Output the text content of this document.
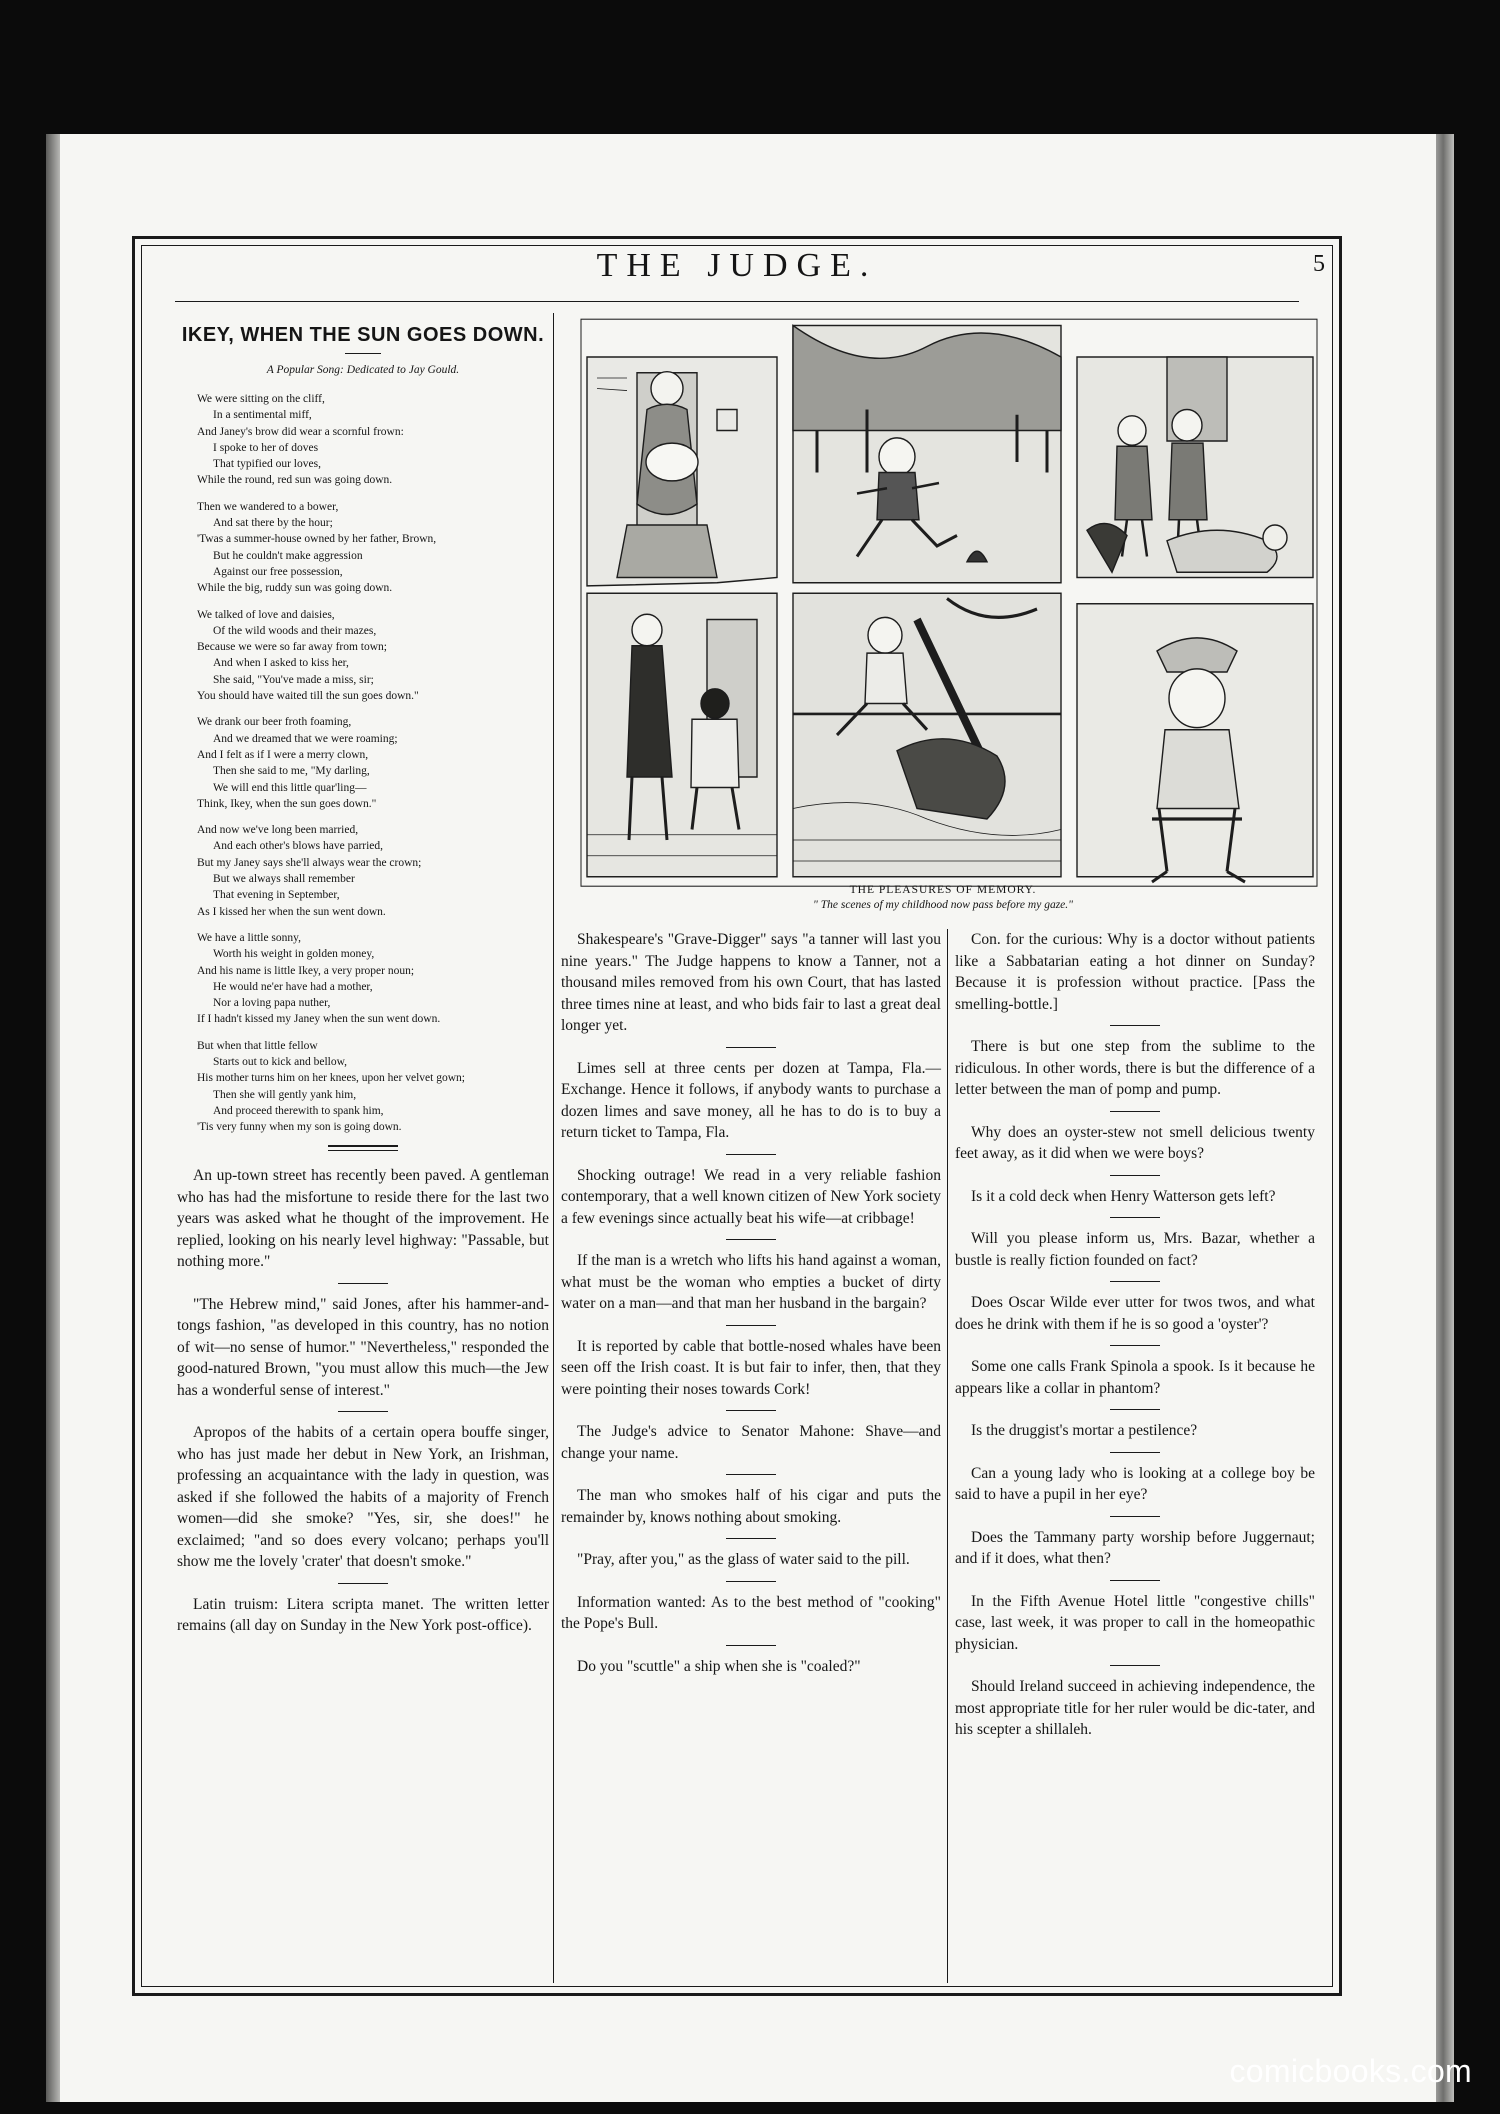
THE JUDGE.	5
IKEY, WHEN THE SUN GOES DOWN.
A Popular Song: Dedicated to Jay Gould.
We were sitting on the cliff,
In a sentimental miff,
And Janey's brow did wear a scornful frown:
I spoke to her of doves
That typified our loves,
While the round, red sun was going down.
Then we wandered to a bower,
And sat there by the hour;
'Twas a summer-house owned by her father, Brown,
But he couldn't make aggression
Against our free possession,
While the big, ruddy sun was going down.
We talked of love and daisies,
Of the wild woods and their mazes,
Because we were so far away from town;
And when I asked to kiss her,
She said, "You've made a miss, sir;
You should have waited till the sun goes down."
We drank our beer froth foaming,
And we dreamed that we were roaming;
And I felt as if I were a merry clown,
Then she said to me, "My darling,
We will end this little quar'ling—
Think, Ikey, when the sun goes down."
And now we've long been married,
And each other's blows have parried,
But my Janey says she'll always wear the crown;
But we always shall remember
That evening in September,
As I kissed her when the sun went down.
We have a little sonny,
Worth his weight in golden money,
And his name is little Ikey, a very proper noun;
He would ne'er have had a mother,
Nor a loving papa nuther,
If I hadn't kissed my Janey when the sun went down.
But when that little fellow
Starts out to kick and bellow,
His mother turns him on her knees, upon her velvet gown;
Then she will gently yank him,
And proceed therewith to spank him,
'Tis very funny when my son is going down.

An up-town street has recently been paved. A gentleman who has had the misfortune to reside there for the last two years was asked what he thought of the improvement. He replied, looking on his nearly level highway: "Passable, but nothing more."

"The Hebrew mind," said Jones, after his hammer-and-tongs fashion, "as developed in this country, has no notion of wit—no sense of humor." "Nevertheless," responded the good-natured Brown, "you must allow this much—the Jew has a wonderful sense of interest."

Apropos of the habits of a certain opera bouffe singer, who has just made her debut in New York, an Irishman, professing an acquaintance with the lady in question, was asked if she followed the habits of a majority of French women—did she smoke? "Yes, sir, she does!" he exclaimed; "and so does every volcano; perhaps you'll show me the lovely 'crater' that doesn't smoke."

Latin truism: Litera scripta manet. The written letter remains (all day on Sunday in the New York post-office).

THE PLEASURES OF MEMORY.
" The scenes of my childhood now pass before my gaze."

Shakespeare's "Grave-Digger" says "a tanner will last you nine years." The Judge happens to know a Tanner, not a thousand miles removed from his own Court, that has lasted three times nine at least, and who bids fair to last a great deal longer yet.

Limes sell at three cents per dozen at Tampa, Fla.—Exchange. Hence it follows, if anybody wants to purchase a dozen limes and save money, all he has to do is to buy a return ticket to Tampa, Fla.

Shocking outrage! We read in a very reliable fashion contemporary, that a well known citizen of New York society a few evenings since actually beat his wife—at cribbage!

If the man is a wretch who lifts his hand against a woman, what must be the woman who empties a bucket of dirty water on a man—and that man her husband in the bargain?

It is reported by cable that bottle-nosed whales have been seen off the Irish coast. It is but fair to infer, then, that they were pointing their noses towards Cork!

The Judge's advice to Senator Mahone: Shave—and change your name.

The man who smokes half of his cigar and puts the remainder by, knows nothing about smoking.

"Pray, after you," as the glass of water said to the pill.

Information wanted: As to the best method of "cooking" the Pope's Bull.

Do you "scuttle" a ship when she is "coaled?"

Con. for the curious: Why is a doctor without patients like a Sabbatarian eating a hot dinner on Sunday? Because it is profession without practice. [Pass the smelling-bottle.]

There is but one step from the sublime to the ridiculous. In other words, there is but the difference of a letter between the man of pomp and pump.

Why does an oyster-stew not smell delicious twenty feet away, as it did when we were boys?

Is it a cold deck when Henry Watterson gets left?

Will you please inform us, Mrs. Bazar, whether a bustle is really fiction founded on fact?

Does Oscar Wilde ever utter for twos twos, and what does he drink with them if he is so good a 'oyster'?

Some one calls Frank Spinola a spook. Is it because he appears like a collar in phantom?

Is the druggist's mortar a pestilence?

Can a young lady who is looking at a college boy be said to have a pupil in her eye?

Does the Tammany party worship before Juggernaut; and if it does, what then?

In the Fifth Avenue Hotel little "congestive chills" case, last week, it was proper to call in the homeopathic physician.

Should Ireland succeed in achieving independence, the most appropriate title for her ruler would be dic-tater, and his scepter a shillaleh.

comicbooks.com
